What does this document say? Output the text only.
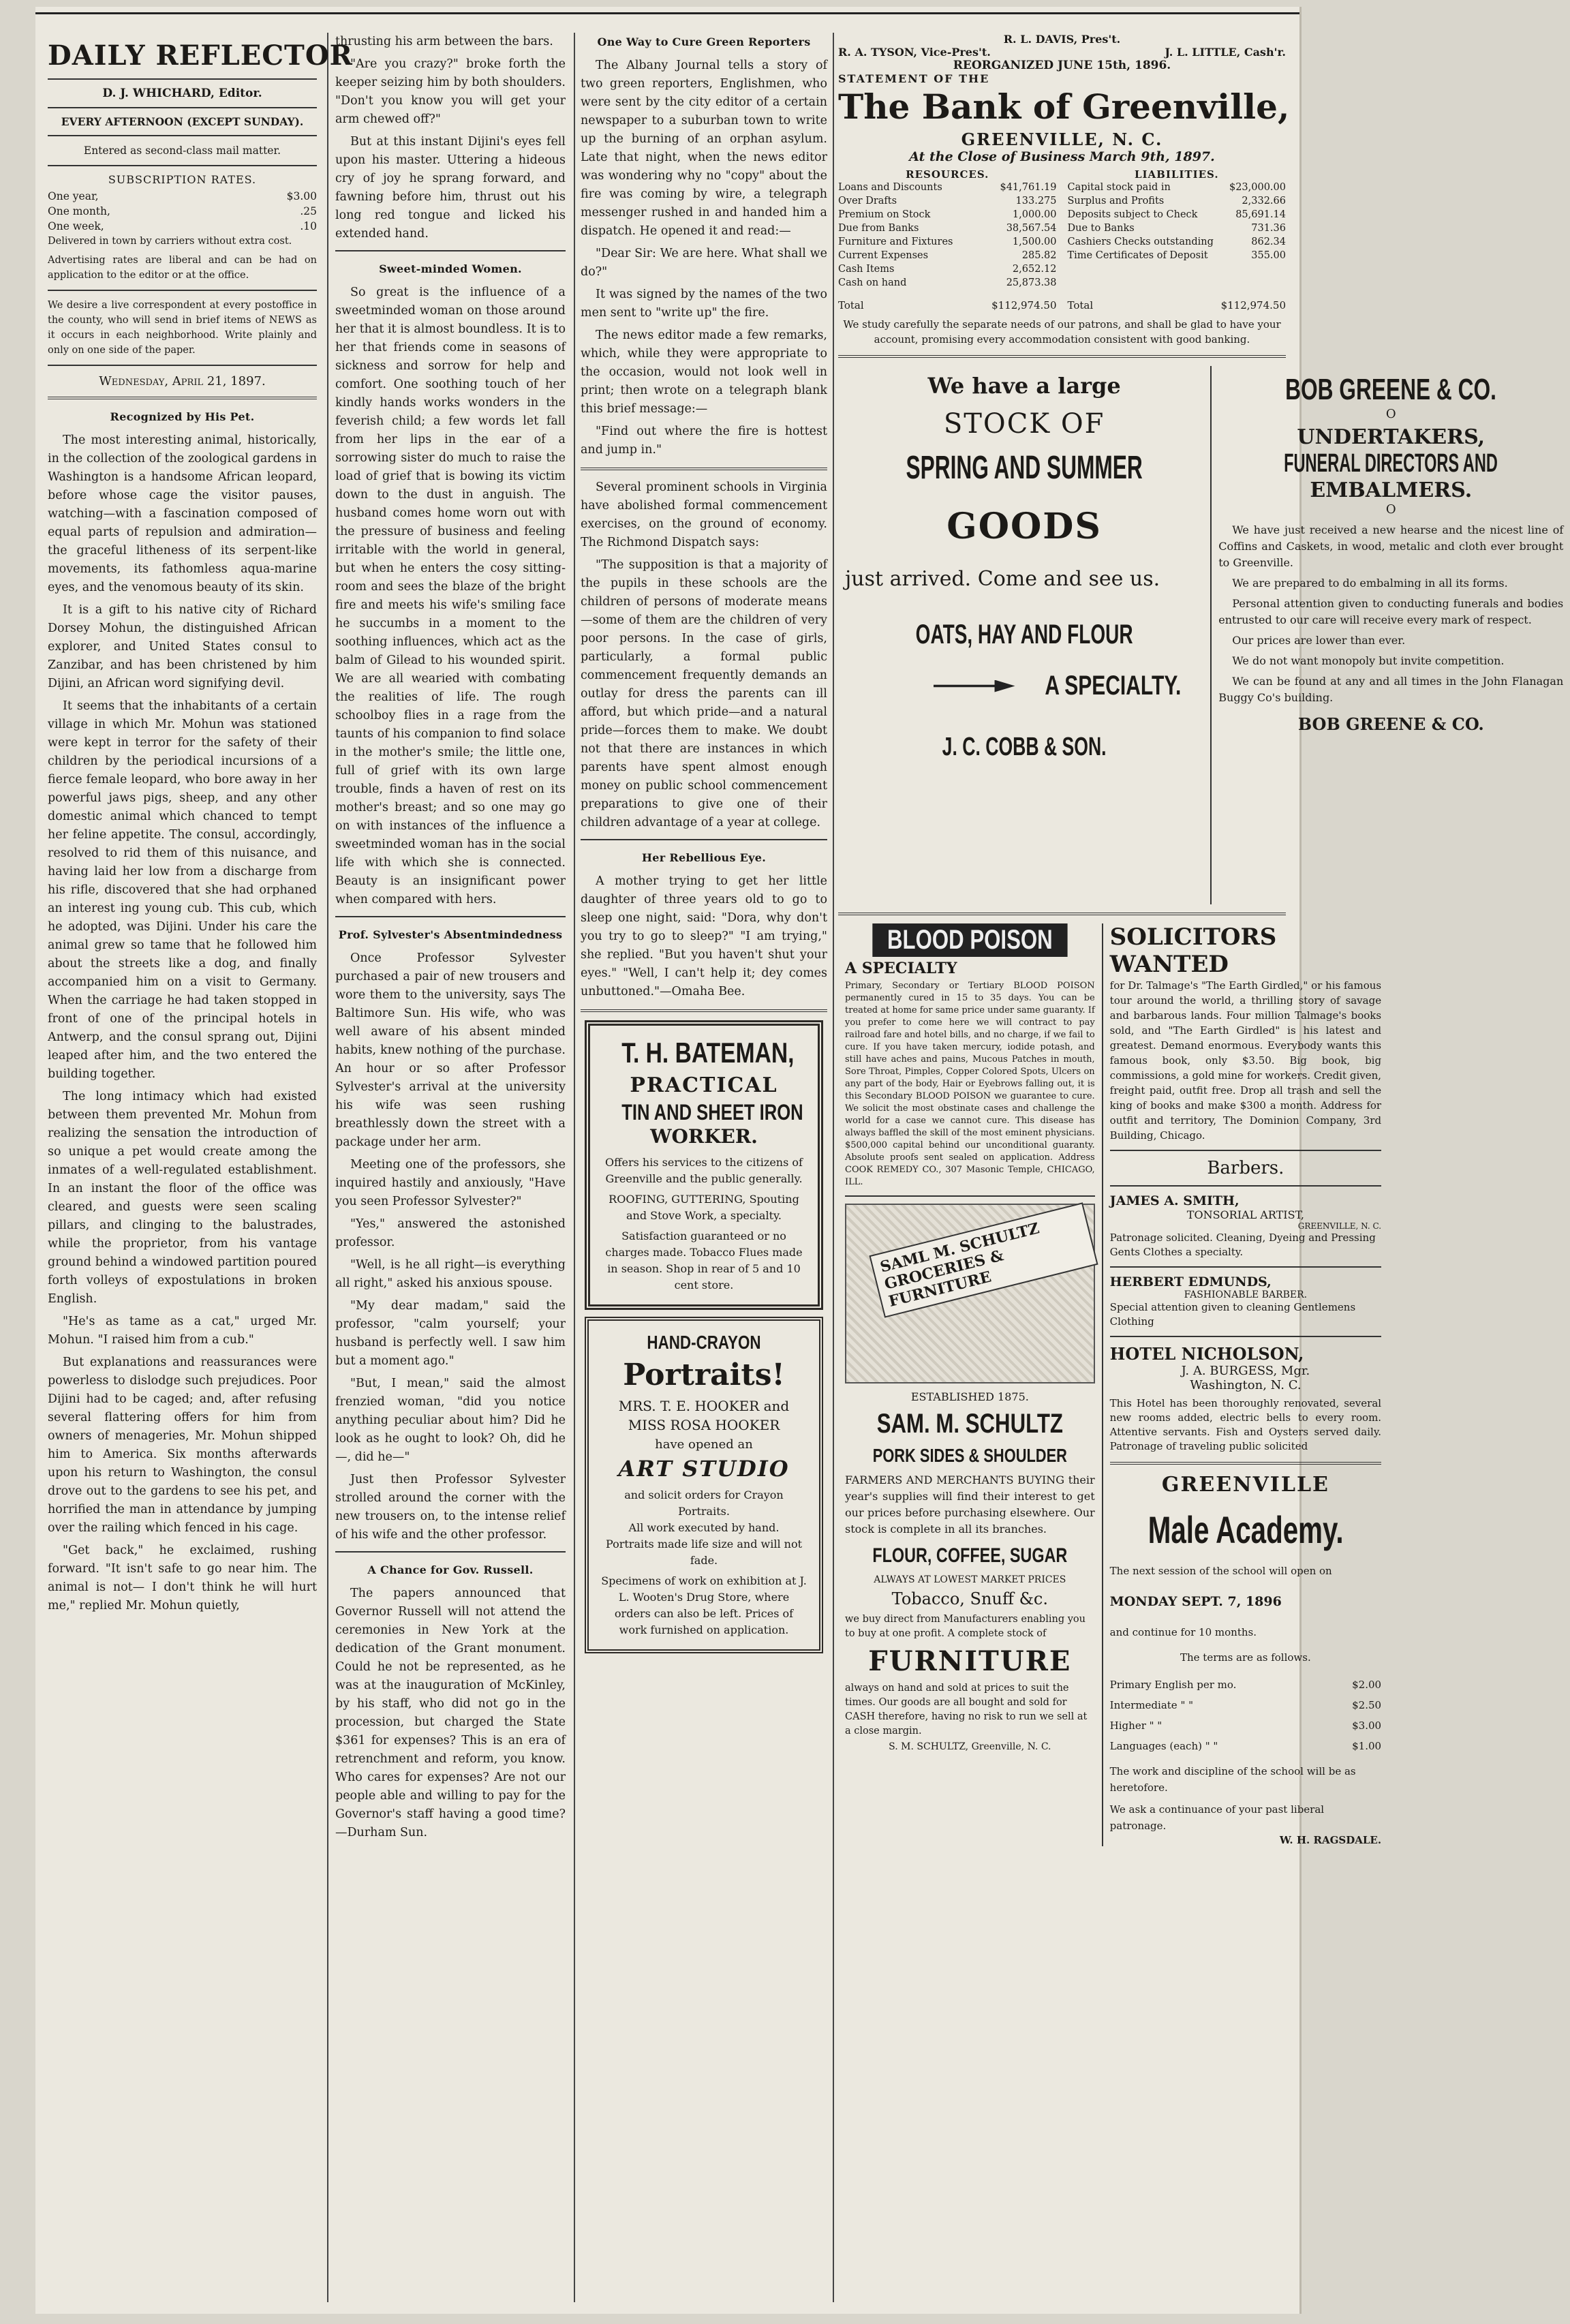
DAILY REFLECTOR
D. J. WHICHARD, Editor.
EVERY AFTERNOON (EXCEPT SUNDAY).
Entered as second-class mail matter.
SUBSCRIPTION RATES.
One year,	$3.00
One month,	.25
One week,	.10

Delivered in town by carriers without extra cost.

Advertising rates are liberal and can be had on application to the editor or at the office.

We desire a live correspondent at every postoffice in the county, who will send in brief items of NEWS as it occurs in each neighborhood. Write plainly and only on one side of the paper.

Wednesday, April 21, 1897.
Recognized by His Pet.

The most interesting animal, historically, in the collection of the zoological gardens in Washington is a handsome African leopard, before whose cage the visitor pauses, watching—with a fascination composed of equal parts of repulsion and admiration—the graceful litheness of its serpent-like movements, its fathomless aqua-marine eyes, and the venomous beauty of its skin.

It is a gift to his native city of Richard Dorsey Mohun, the distinguished African explorer, and United States consul to Zanzibar, and has been christened by him Dijini, an African word signifying devil.

It seems that the inhabitants of a certain village in which Mr. Mohun was stationed were kept in terror for the safety of their children by the periodical incursions of a fierce female leopard, who bore away in her powerful jaws pigs, sheep, and any other domestic animal which chanced to tempt her feline appetite. The consul, accordingly, resolved to rid them of this nuisance, and having laid her low from a discharge from his rifle, discovered that she had orphaned an interest ing young cub. This cub, which he adopted, was Dijini. Under his care the animal grew so tame that he followed him about the streets like a dog, and finally accompanied him on a visit to Germany. When the carriage he had taken stopped in front of one of the principal hotels in Antwerp, and the consul sprang out, Dijini leaped after him, and the two entered the building together.

The long intimacy which had existed between them prevented Mr. Mohun from realizing the sensation the introduction of so unique a pet would create among the inmates of a well-regulated establishment. In an instant the floor of the office was cleared, and guests were seen scaling pillars, and clinging to the balustrades, while the proprietor, from his vantage ground behind a windowed partition poured forth volleys of expostulations in broken English.

"He's as tame as a cat," urged Mr. Mohun. "I raised him from a cub."

But explanations and reassurances were powerless to dislodge such prejudices. Poor Dijini had to be caged; and, after refusing several flattering offers for him from owners of menageries, Mr. Mohun shipped him to America. Six months afterwards upon his return to Washington, the consul drove out to the gardens to see his pet, and horrified the man in attendance by jumping over the railing which fenced in his cage.

"Get back," he exclaimed, rushing forward. "It isn't safe to go near him. The animal is not— I don't think he will hurt me," replied Mr. Mohun quietly,

thrusting his arm between the bars.

"Are you crazy?" broke forth the keeper seizing him by both shoulders. "Don't you know you will get your arm chewed off?"

But at this instant Dijini's eyes fell upon his master. Uttering a hideous cry of joy he sprang forward, and fawning before him, thrust out his long red tongue and licked his extended hand.

Sweet-minded Women.

So great is the influence of a sweetminded woman on those around her that it is almost boundless. It is to her that friends come in seasons of sickness and sorrow for help and comfort. One soothing touch of her kindly hands works wonders in the feverish child; a few words let fall from her lips in the ear of a sorrowing sister do much to raise the load of grief that is bowing its victim down to the dust in anguish. The husband comes home worn out with the pressure of business and feeling irritable with the world in general, but when he enters the cosy sitting-room and sees the blaze of the bright fire and meets his wife's smiling face he succumbs in a moment to the soothing influences, which act as the balm of Gilead to his wounded spirit. We are all wearied with combating the realities of life. The rough schoolboy flies in a rage from the taunts of his companion to find solace in the mother's smile; the little one, full of grief with its own large trouble, finds a haven of rest on its mother's breast; and so one may go on with instances of the influence a sweetminded woman has in the social life with which she is connected. Beauty is an insignificant power when compared with hers.

Prof. Sylvester's Absentmindedness

Once Professor Sylvester purchased a pair of new trousers and wore them to the university, says The Baltimore Sun. His wife, who was well aware of his absent minded habits, knew nothing of the purchase. An hour or so after Professor Sylvester's arrival at the university his wife was seen rushing breathlessly down the street with a package under her arm.

Meeting one of the professors, she inquired hastily and anxiously, "Have you seen Professor Sylvester?"

"Yes," answered the astonished professor.

"Well, is he all right—is everything all right," asked his anxious spouse.

"My dear madam," said the professor, "calm yourself; your husband is perfectly well. I saw him but a moment ago."

"But, I mean," said the almost frenzied woman, "did you notice anything peculiar about him? Did he look as he ought to look? Oh, did he—, did he—"

Just then Professor Sylvester strolled around the corner with the new trousers on, to the intense relief of his wife and the other professor.

A Chance for Gov. Russell.

The papers announced that Governor Russell will not attend the ceremonies in New York at the dedication of the Grant monument. Could he not be represented, as he was at the inauguration of McKinley, by his staff, who did not go in the procession, but charged the State $361 for expenses? This is an era of retrenchment and reform, you know. Who cares for expenses? Are not our people able and willing to pay for the Governor's staff having a good time?—Durham Sun.

One Way to Cure Green Reporters

The Albany Journal tells a story of two green reporters, Englishmen, who were sent by the city editor of a certain newspaper to a suburban town to write up the burning of an orphan asylum. Late that night, when the news editor was wondering why no "copy" about the fire was coming by wire, a telegraph messenger rushed in and handed him a dispatch. He opened it and read:—

"Dear Sir: We are here. What shall we do?"

It was signed by the names of the two men sent to "write up" the fire.

The news editor made a few remarks, which, while they were appropriate to the occasion, would not look well in print; then wrote on a telegraph blank this brief message:—

"Find out where the fire is hottest and jump in."

Several prominent schools in Virginia have abolished formal commencement exercises, on the ground of economy. The Richmond Dispatch says:

"The supposition is that a majority of the pupils in these schools are the children of persons of moderate means—some of them are the children of very poor persons. In the case of girls, particularly, a formal public commencement frequently demands an outlay for dress the parents can ill afford, but which pride—and a natural pride—forces them to make. We doubt not that there are instances in which parents have spent almost enough money on public school commencement preparations to give one of their children advantage of a year at college.

Her Rebellious Eye.

A mother trying to get her little daughter of three years old to go to sleep one night, said: "Dora, why don't you try to go to sleep?" "I am trying," she replied. "But you haven't shut your eyes." "Well, I can't help it; dey comes unbuttoned."—Omaha Bee.

T. H. BATEMAN,
PRACTICAL
TIN AND SHEET IRON
WORKER.
Offers his services to the citizens of Greenville and the public generally.
ROOFING, GUTTERING, Spouting and Stove Work, a specialty.
Satisfaction guaranteed or no charges made. Tobacco Flues made in season. Shop in rear of 5 and 10 cent store.
HAND-CRAYON
Portraits!
MRS. T. E. HOOKER and MISS ROSA HOOKER
have opened an
ART STUDIO
and solicit orders for Crayon Portraits.
All work executed by hand.
Portraits made life size and will not fade.
Specimens of work on exhibition at J. L. Wooten's Drug Store, where orders can also be left. Prices of work furnished on application.
R. L. DAVIS, Pres't.
R. A. TYSON, Vice-Pres't.	J. L. LITTLE, Cash'r.
REORGANIZED JUNE 15th, 1896.
STATEMENT OF THE
The Bank of Greenville,
GREENVILLE, N. C.
At the Close of Business March 9th, 1897.
RESOURCES.
Loans and Discounts	$41,761.19
Over Drafts	133.275
Premium on Stock	1,000.00
Due from Banks	38,567.54
Furniture and Fixtures	1,500.00
Current Expenses	285.82
Cash Items	2,652.12
Cash on hand	25,873.38
Total	$112,974.50
LIABILITIES.
Capital stock paid in	$23,000.00
Surplus and Profits	2,332.66
Deposits subject to Check	85,691.14
Due to Banks	731.36
Cashiers Checks outstanding	862.34
Time Certificates of Deposit	355.00
Total	$112,974.50
We study carefully the separate needs of our patrons, and shall be glad to have your account, promising every accommodation consistent with good banking.
We have a large
STOCK OF
SPRING AND SUMMER
GOODS
just arrived. Come and see us.
OATS, HAY AND FLOUR
A SPECIALTY.
J. C. COBB & SON.
BOB GREENE & CO.
O
UNDERTAKERS,
FUNERAL DIRECTORS AND
EMBALMERS.
O

We have just received a new hearse and the nicest line of Coffins and Caskets, in wood, metalic and cloth ever brought to Greenville.

We are prepared to do embalming in all its forms.

Personal attention given to conducting funerals and bodies entrusted to our care will receive every mark of respect.

Our prices are lower than ever.

We do not want monopoly but invite competition.

We can be found at any and all times in the John Flanagan Buggy Co's building.

BOB GREENE & CO.
BLOOD POISON
A SPECIALTY
Primary, Secondary or Tertiary BLOOD POISON permanently cured in 15 to 35 days. You can be treated at home for same price under same guaranty. If you prefer to come here we will contract to pay railroad fare and hotel bills, and no charge, if we fail to cure. If you have taken mercury, iodide potash, and still have aches and pains, Mucous Patches in mouth, Sore Throat, Pimples, Copper Colored Spots, Ulcers on any part of the body, Hair or Eyebrows falling out, it is this Secondary BLOOD POISON we guarantee to cure. We solicit the most obstinate cases and challenge the world for a case we cannot cure. This disease has always baffled the skill of the most eminent physicians. $500,000 capital behind our unconditional guaranty. Absolute proofs sent sealed on application. Address COOK REMEDY CO., 307 Masonic Temple, CHICAGO, ILL.
SAML M. SCHULTZ GROCERIES & FURNITURE
ESTABLISHED 1875.
SAM. M. SCHULTZ
PORK SIDES & SHOULDER
FARMERS AND MERCHANTS BUYING their year's supplies will find their interest to get our prices before purchasing elsewhere. Our stock is complete in all its branches.
FLOUR, COFFEE, SUGAR
ALWAYS AT LOWEST MARKET PRICES
Tobacco, Snuff &c.
we buy direct from Manufacturers enabling you to buy at one profit. A complete stock of
FURNITURE
always on hand and sold at prices to suit the times. Our goods are all bought and sold for CASH therefore, having no risk to run we sell at a close margin.
S. M. SCHULTZ, Greenville, N. C.
SOLICITORS WANTED
for Dr. Talmage's "The Earth Girdled," or his famous tour around the world, a thrilling story of savage and barbarous lands. Four million Talmage's books sold, and "The Earth Girdled" is his latest and greatest. Demand enormous. Everybody wants this famous book, only $3.50. Big book, big commissions, a gold mine for workers. Credit given, freight paid, outfit free. Drop all trash and sell the king of books and make $300 a month. Address for outfit and territory, The Dominion Company, 3rd Building, Chicago.
Barbers.
JAMES A. SMITH,
TONSORIAL ARTIST,
GREENVILLE, N. C.
Patronage solicited. Cleaning, Dyeing and Pressing Gents Clothes a specialty.
HERBERT EDMUNDS,
FASHIONABLE BARBER.
Special attention given to cleaning Gentlemens Clothing
HOTEL NICHOLSON,
J. A. BURGESS, Mgr.
Washington, N. C.
This Hotel has been thoroughly renovated, several new rooms added, electric bells to every room. Attentive servants. Fish and Oysters served daily. Patronage of traveling public solicited
GREENVILLE
Male Academy.
The next session of the school will open on
MONDAY SEPT. 7, 1896
and continue for 10 months.
The terms are as follows.
Primary English per mo.	$2.00
Intermediate " "	$2.50
Higher " "	$3.00
Languages (each) " "	$1.00
The work and discipline of the school will be as heretofore.
We ask a continuance of your past liberal patronage.
W. H. RAGSDALE.
